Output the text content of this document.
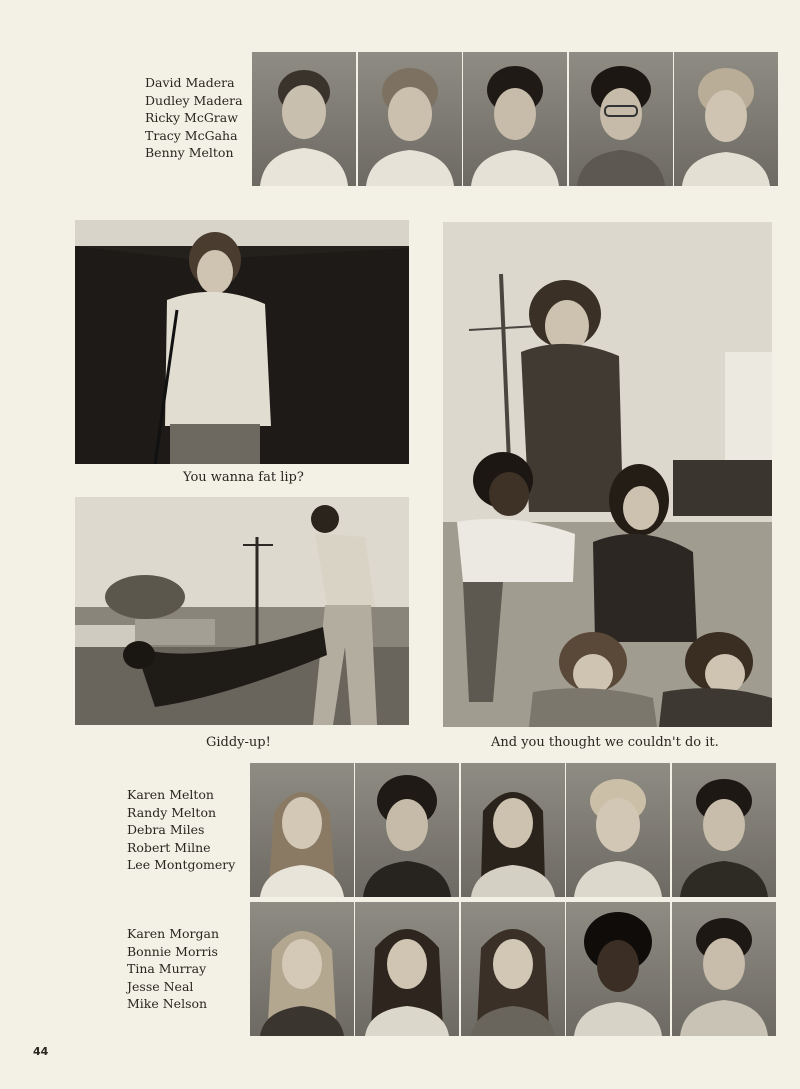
David Madera
Dudley Madera
Ricky McGraw
Tracy McGaha
Benny Melton
You wanna fat lip?
Giddy-up!	And you thought we couldn't do it.
Karen Melton
Randy Melton
Debra Miles
Robert Milne
Lee Montgomery
Karen Morgan
Bonnie Morris
Tina Murray
Jesse Neal
Mike Nelson
44
